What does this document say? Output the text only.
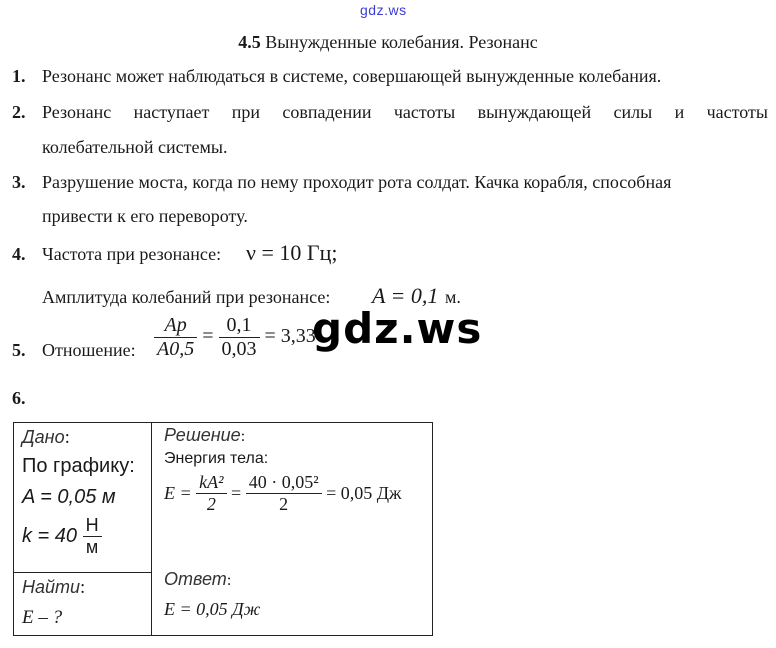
gdz.ws
4.5 Вынужденные колебания. Резонанс
1. Резонанс может наблюдаться в системе, совершающей вынужденные колебания.
2. Резонанс наступает при совпадении частоты вынуждающей силы и частоты
колебательной системы.
3. Разрушение моста, когда по нему проходит рота солдат. Качка корабля, способная
привести к его перевороту.
4. Частота при резонансе: ν = 10 Гц;
Амплитуда колебаний при резонансе: A = 0,1 м.
5. Отношение: $\frac{Ap}{A0,5} = \frac{0,1}{0,03} = 3,33$
gdz.ws
6.
Дано:
По графику:
A = 0,05 м
$k = 40 \frac{Н}{м}$

Решение:
Энергия тела:
$E = \frac{\text{kA²}}{2} = \frac{\text{40 · 0,05²}}{2} = 0,05$ Дж
Ответ:
E = 0,05 Дж

Найти:
E – ?
